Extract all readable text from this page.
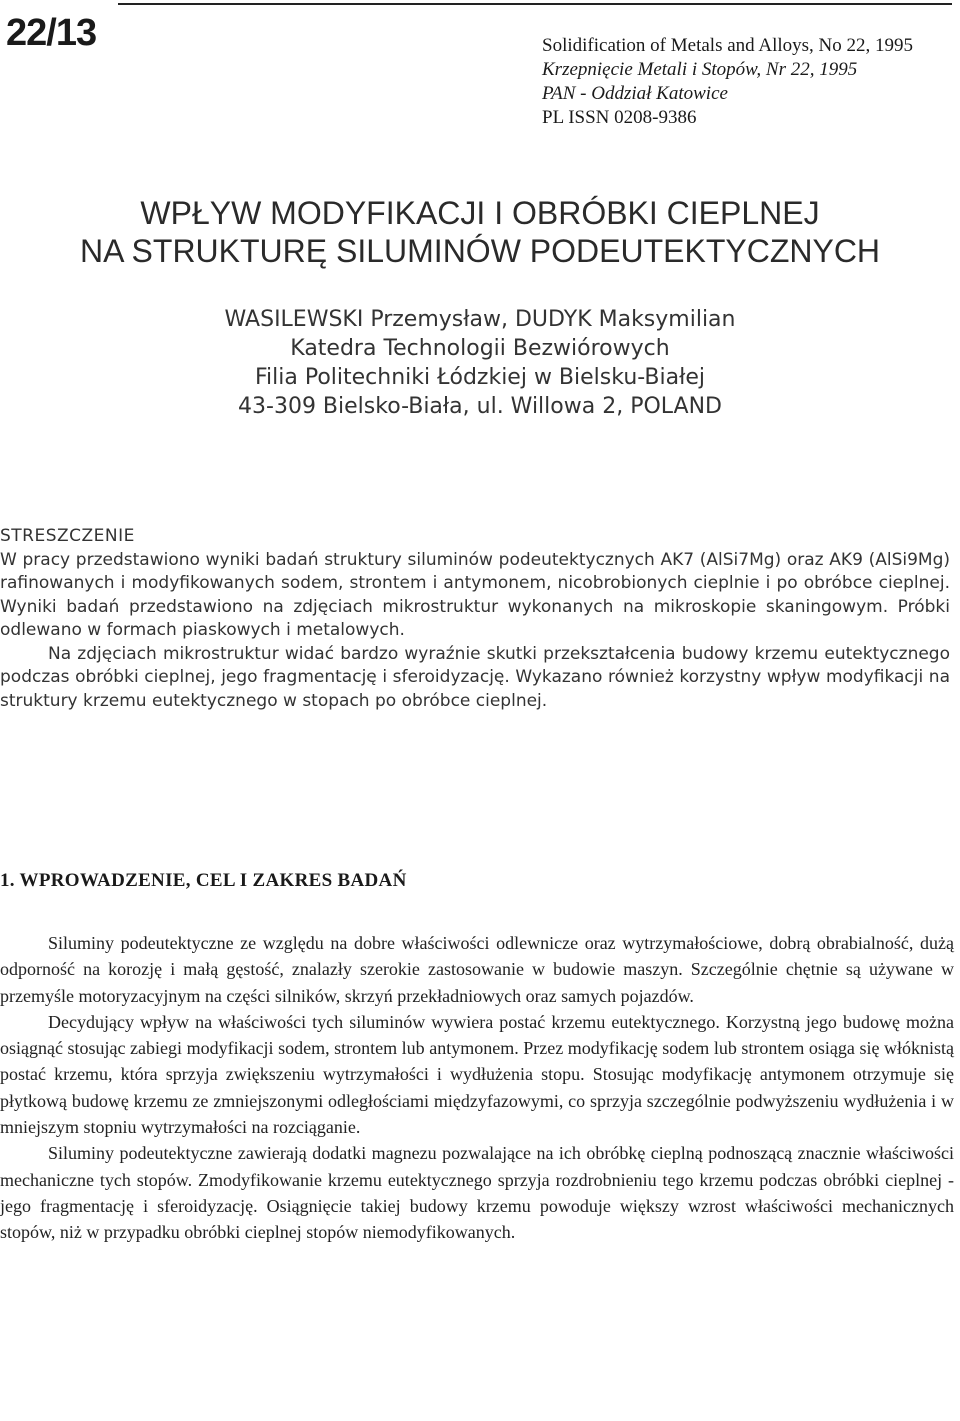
22/13	Solidification of Metals and Alloys, No 22, 1995
Krzepnięcie Metali i Stopów, Nr 22, 1995
PAN - Oddział Katowice
PL ISSN 0208-9386
WPŁYW MODYFIKACJI I OBRÓBKI CIEPLNEJ
NA STRUKTURĘ SILUMINÓW PODEUTEKTYCZNYCH
WASILEWSKI Przemysław, DUDYK Maksymilian
Katedra Technologii Bezwiórowych
Filia Politechniki Łódzkiej w Bielsku-Białej
43-309 Bielsko-Biała, ul. Willowa 2, POLAND
STRESZCZENIE

W pracy przedstawiono wyniki badań struktury siluminów podeutektycznych AK7 (AlSi7Mg) oraz AK9 (AlSi9Mg) rafinowanych i modyfikowanych sodem, strontem i antymonem, nicobrobionych cieplnie i po obróbce cieplnej. Wyniki badań przedstawiono na zdjęciach mikrostruktur wykonanych na mikroskopie skaningowym. Próbki odlewano w formach piaskowych i metalowych.

Na zdjęciach mikrostruktur widać bardzo wyraźnie skutki przekształcenia budowy krzemu eutektycznego podczas obróbki cieplnej, jego fragmentację i sferoidyzację. Wykazano również korzystny wpływ modyfikacji na struktury krzemu eutektycznego w stopach po obróbce cieplnej.

1. WPROWADZENIE, CEL I ZAKRES BADAŃ

Siluminy podeutektyczne ze względu na dobre właściwości odlewnicze oraz wytrzymałościowe, dobrą obrabialność, dużą odporność na korozję i małą gęstość, znalazły szerokie zastosowanie w budowie maszyn. Szczególnie chętnie są używane w przemyśle motoryzacyjnym na części silników, skrzyń przekładniowych oraz samych pojazdów.

Decydujący wpływ na właściwości tych siluminów wywiera postać krzemu eutektycznego. Korzystną jego budowę można osiągnąć stosując zabiegi modyfikacji sodem, strontem lub antymonem. Przez modyfikację sodem lub strontem osiąga się włóknistą postać krzemu, która sprzyja zwiększeniu wytrzymałości i wydłużenia stopu. Stosując modyfikację antymonem otrzymuje się płytkową budowę krzemu ze zmniejszonymi odległościami międzyfazowymi, co sprzyja szczególnie podwyższeniu wydłużenia i w mniejszym stopniu wytrzymałości na rozciąganie.

Siluminy podeutektyczne zawierają dodatki magnezu pozwalające na ich obróbkę cieplną podnoszącą znacznie właściwości mechaniczne tych stopów. Zmodyfikowanie krzemu eutektycznego sprzyja rozdrobnieniu tego krzemu podczas obróbki cieplnej - jego fragmentację i sferoidyzację. Osiągnięcie takiej budowy krzemu powoduje większy wzrost właściwości mechanicznych stopów, niż w przypadku obróbki cieplnej stopów niemodyfikowanych.
